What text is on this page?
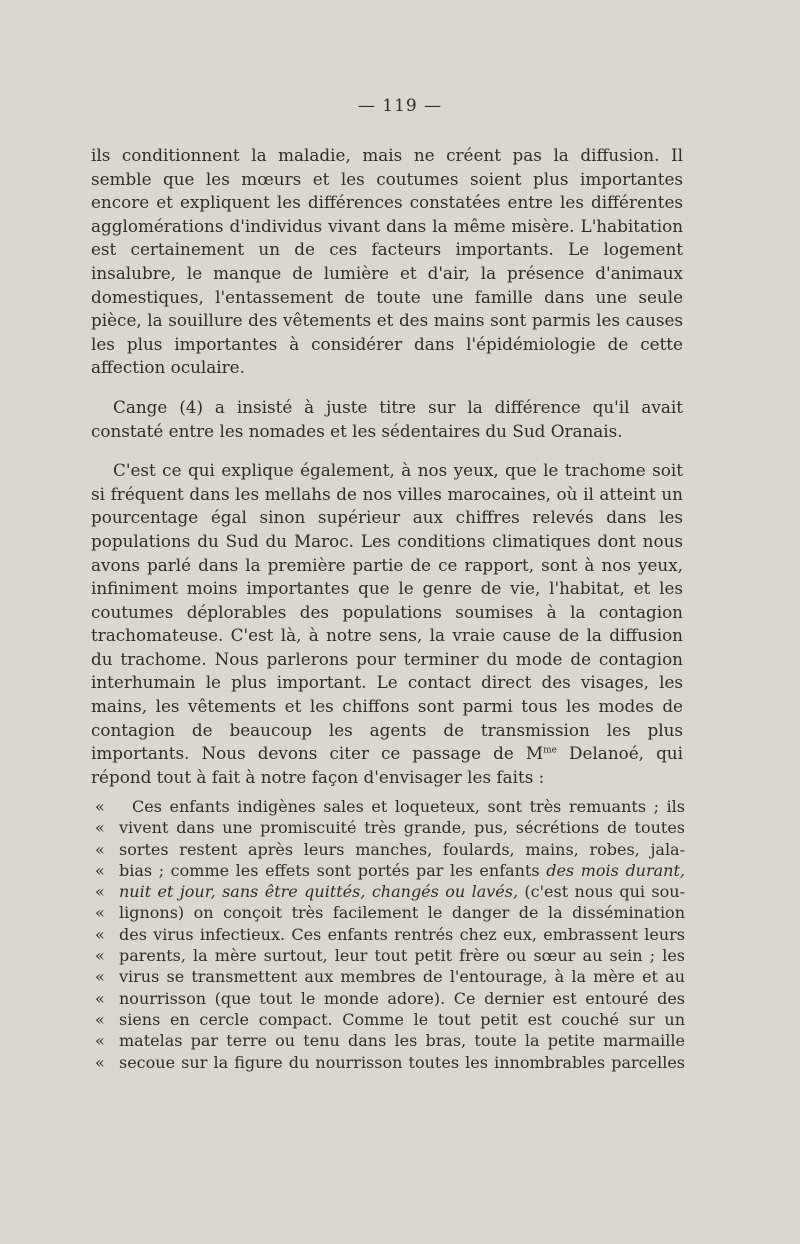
— 119 —

ils conditionnent la maladie, mais ne créent pas la diffusion. Il semble que les mœurs et les coutumes soient plus importantes encore et expliquent les différences constatées entre les différentes agglomérations d'individus vivant dans la même misère. L'habitation est certainement un de ces facteurs importants. Le logement insalubre, le manque de lumière et d'air, la présence d'animaux domestiques, l'entassement de toute une famille dans une seule pièce, la souillure des vêtements et des mains sont parmis les causes les plus importantes à considérer dans l'épidémiologie de cette affection oculaire.

Cange (4) a insisté à juste titre sur la différence qu'il avait constaté entre les nomades et les sédentaires du Sud Oranais.

C'est ce qui explique également, à nos yeux, que le trachome soit si fréquent dans les mellahs de nos villes marocaines, où il atteint un pourcentage égal sinon supérieur aux chiffres relevés dans les populations du Sud du Maroc. Les conditions climatiques dont nous avons parlé dans la première partie de ce rapport, sont à nos yeux, infiniment moins importantes que le genre de vie, l'habitat, et les coutumes déplorables des populations soumises à la contagion trachomateuse. C'est là, à notre sens, la vraie cause de la diffusion du trachome. Nous parlerons pour terminer du mode de contagion interhumain le plus important. Le contact direct des visages, les mains, les vêtements et les chiffons sont parmi tous les modes de contagion de beaucoup les agents de transmission les plus importants. Nous devons citer ce passage de $M^{me}$ Delanoé, qui répond tout à fait à notre façon d'envisager les faits :

«	Ces enfants indigènes sales et loqueteux, sont très remuants ; ils
« vivent dans une promiscuité très grande, pus, sécrétions de toutes
« sortes restent après leurs manches, foulards, mains, robes, jala-
« bias ; comme les effets sont portés par les enfants des mois durant,
« nuit et jour, sans être quittés, changés ou lavés, (c'est nous qui sou-
« lignons) on conçoit très facilement le danger de la dissémination
« des virus infectieux. Ces enfants rentrés chez eux, embrassent leurs
« parents, la mère surtout, leur tout petit frère ou sœur au sein ; les
« virus se transmettent aux membres de l'entourage, à la mère et au
« nourrisson (que tout le monde adore). Ce dernier est entouré des
« siens en cercle compact. Comme le tout petit est couché sur un
« matelas par terre ou tenu dans les bras, toute la petite marmaille
« secoue sur la figure du nourrisson toutes les innombrables parcelles
